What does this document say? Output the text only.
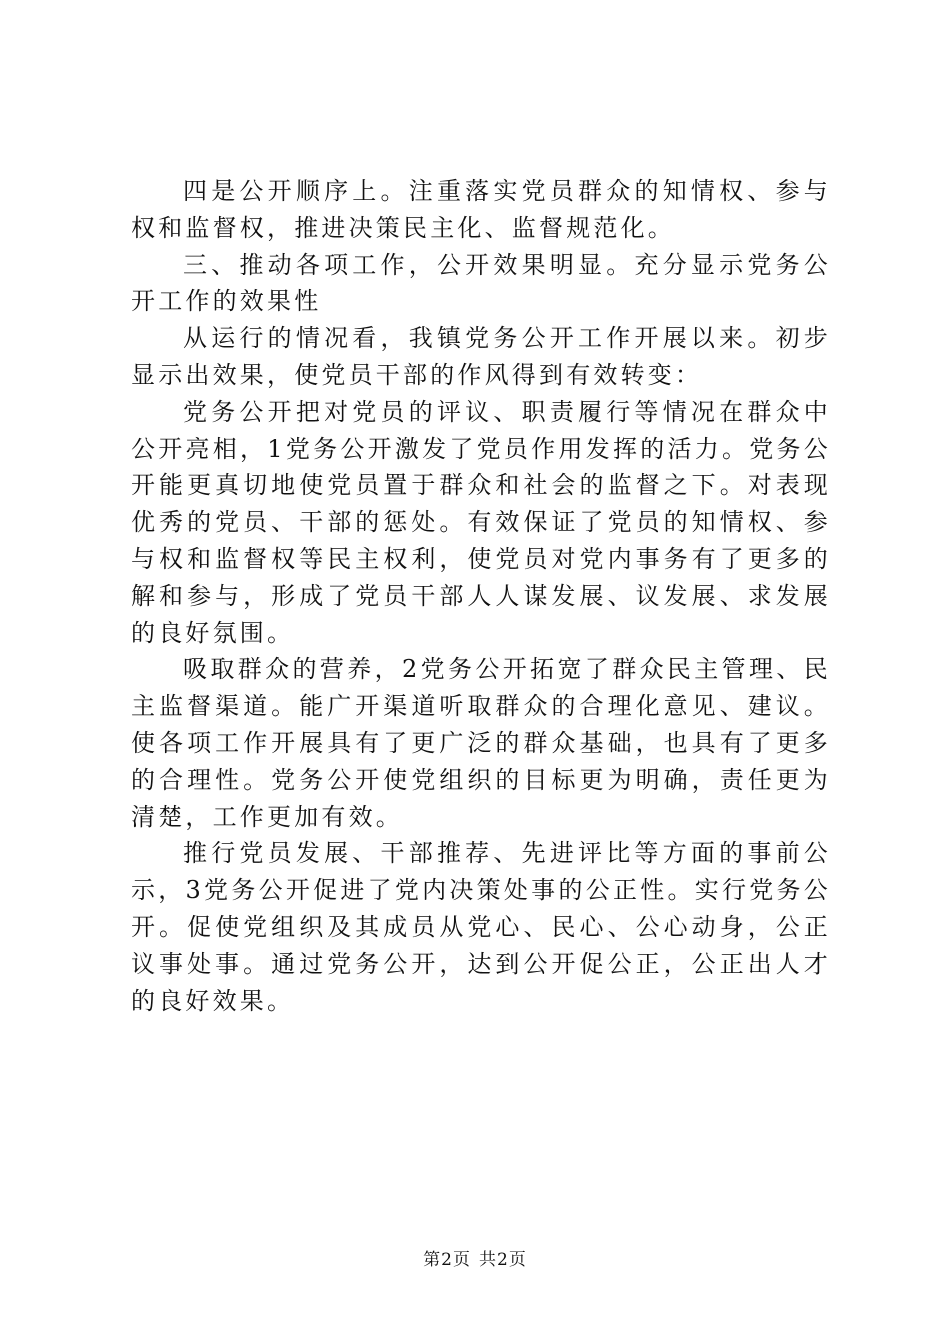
四是公开顺序上。注重落实党员群众的知情权、参与权和监督权，推进决策民主化、监督规范化。

三、推动各项工作，公开效果明显。充分显示党务公开工作的效果性

从运行的情况看，我镇党务公开工作开展以来。初步显示出效果，使党员干部的作风得到有效转变：

党务公开把对党员的评议、职责履行等情况在群众中公开亮相，1党务公开激发了党员作用发挥的活力。党务公开能更真切地使党员置于群众和社会的监督之下。对表现优秀的党员、干部的惩处。有效保证了党员的知情权、参与权和监督权等民主权利，使党员对党内事务有了更多的解和参与，形成了党员干部人人谋发展、议发展、求发展的良好氛围。

吸取群众的营养，2党务公开拓宽了群众民主管理、民主监督渠道。能广开渠道听取群众的合理化意见、建议。使各项工作开展具有了更广泛的群众基础，也具有了更多的合理性。党务公开使党组织的目标更为明确，责任更为清楚，工作更加有效。

推行党员发展、干部推荐、先进评比等方面的事前公示，3党务公开促进了党内决策处事的公正性。实行党务公开。促使党组织及其成员从党心、民心、公心动身，公正议事处事。通过党务公开，达到公开促公正，公正出人才的良好效果。

第2页 共2页
